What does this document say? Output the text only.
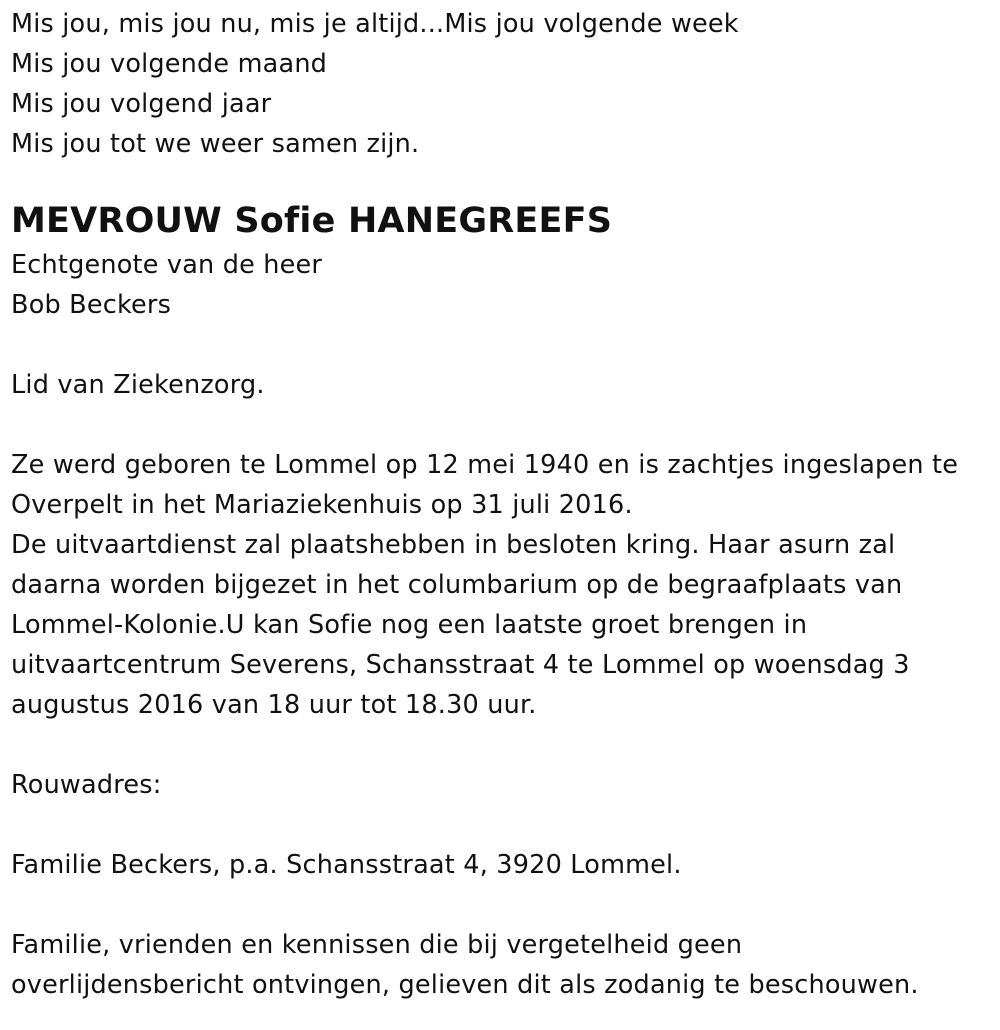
Mis jou, mis jou nu, mis je altijd...Mis jou volgende week
Mis jou volgende maand
Mis jou volgend jaar
Mis jou tot we weer samen zijn.
MEVROUW Sofie HANEGREEFS
Echtgenote van de heer
Bob Beckers
Lid van Ziekenzorg.
Ze werd geboren te Lommel op 12 mei 1940 en is zachtjes ingeslapen te
Overpelt in het Mariaziekenhuis op 31 juli 2016.
De uitvaartdienst zal plaatshebben in besloten kring. Haar asurn zal
daarna worden bijgezet in het columbarium op de begraafplaats van
Lommel-Kolonie.U kan Sofie nog een laatste groet brengen in
uitvaartcentrum Severens, Schansstraat 4 te Lommel op woensdag 3
augustus 2016 van 18 uur tot 18.30 uur.
Rouwadres:
Familie Beckers, p.a. Schansstraat 4, 3920 Lommel.
Familie, vrienden en kennissen die bij vergetelheid geen
overlijdensbericht ontvingen, gelieven dit als zodanig te beschouwen.
